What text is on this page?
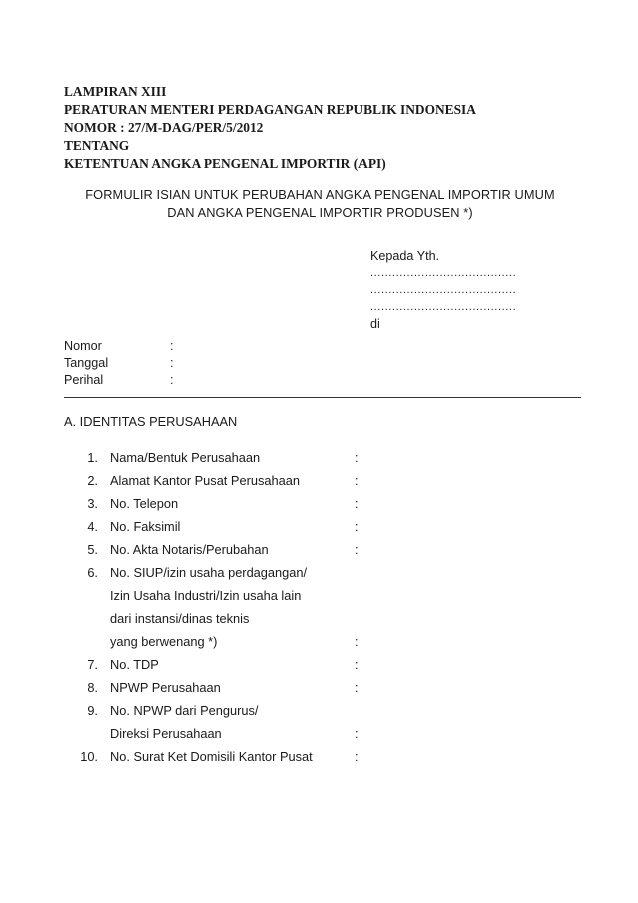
LAMPIRAN XIII
PERATURAN MENTERI PERDAGANGAN REPUBLIK INDONESIA
NOMOR : 27/M-DAG/PER/5/2012
TENTANG
KETENTUAN ANGKA PENGENAL IMPORTIR (API)
FORMULIR ISIAN UNTUK PERUBAHAN ANGKA PENGENAL IMPORTIR UMUM
DAN ANGKA PENGENAL IMPORTIR PRODUSEN *)
Kepada Yth.
........................................
........................................
........................................
di
Nomor	:
Tanggal	:
Perihal	:
A. IDENTITAS PERUSAHAAN
1. Nama/Bentuk Perusahaan	:
2. Alamat Kantor Pusat Perusahaan	:
3. No. Telepon	:
4. No. Faksimil	:
5. No. Akta Notaris/Perubahan	:
6. No. SIUP/izin usaha perdagangan/
Izin Usaha Industri/Izin usaha lain
dari instansi/dinas teknis
yang berwenang *)	:
7. No. TDP	:
8. NPWP Perusahaan	:
9. No. NPWP dari Pengurus/
Direksi Perusahaan	:
10. No. Surat Ket Domisili Kantor Pusat	:
